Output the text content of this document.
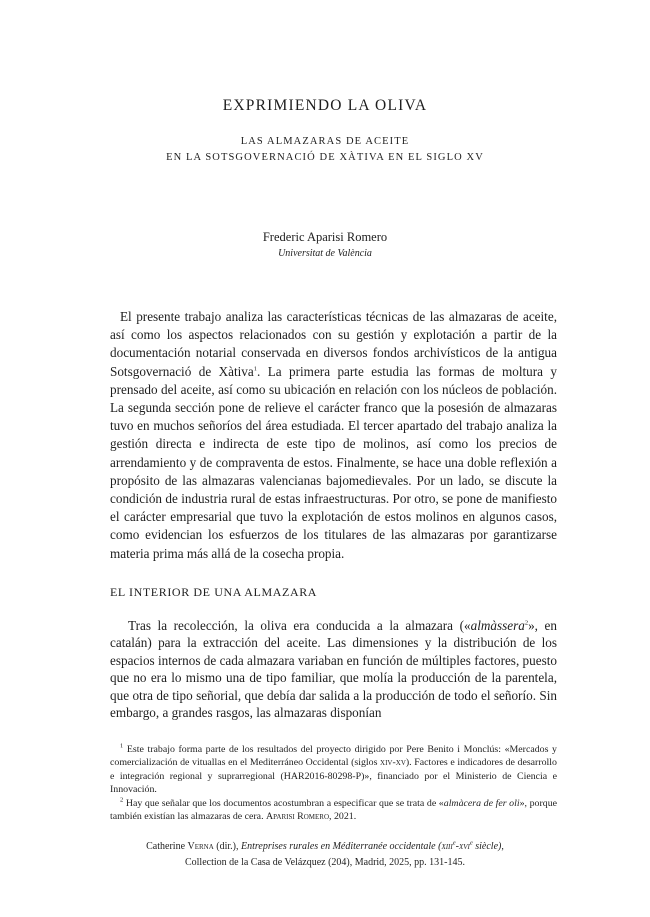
EXPRIMIENDO LA OLIVA
LAS ALMAZARAS DE ACEITE
EN LA SOTSGOVERNACIÓ DE XÀTIVA EN EL SIGLO XV
Frederic Aparisi Romero
Universitat de València

El presente trabajo analiza las características técnicas de las almazaras de aceite, así como los aspectos relacionados con su gestión y explotación a partir de la documentación notarial conservada en diversos fondos archivísticos de la antigua Sotsgovernació de Xàtiva$^1$. La primera parte estudia las formas de moltura y prensado del aceite, así como su ubicación en relación con los núcleos de población. La segunda sección pone de relieve el carácter franco que la posesión de almazaras tuvo en muchos señoríos del área estudiada. El tercer apartado del trabajo analiza la gestión directa e indirecta de este tipo de molinos, así como los precios de arrendamiento y de compraventa de estos. Finalmente, se hace una doble reflexión a propósito de las almazaras valencianas bajomedievales. Por un lado, se discute la condición de industria rural de estas infraestructuras. Por otro, se pone de manifiesto el carácter empresarial que tuvo la explotación de estos molinos en algunos casos, como evidencian los esfuerzos de los titulares de las almazaras por garantizarse materia prima más allá de la cosecha propia.

EL INTERIOR DE UNA ALMAZARA

Tras la recolección, la oliva era conducida a la almazara («almàssera$^2$», en catalán) para la extracción del aceite. Las dimensiones y la distribución de los espacios internos de cada almazara variaban en función de múltiples factores, puesto que no era lo mismo una de tipo familiar, que molía la producción de la parentela, que otra de tipo señorial, que debía dar salida a la producción de todo el señorío. Sin embargo, a grandes rasgos, las almazaras disponían

$^1$ Este trabajo forma parte de los resultados del proyecto dirigido por Pere Benito i Monclús: «Mercados y comercialización de vituallas en el Mediterráneo Occidental (siglos xiv-xv). Factores e indicadores de desarrollo e integración regional y suprarregional (HAR2016-80298-P)», financiado por el Ministerio de Ciencia e Innovación.

$^2$ Hay que señalar que los documentos acostumbran a especificar que se trata de «almàcera de fer oli», porque también existían las almazaras de cera. Aparisi Romero, 2021.

Catherine Verna (dir.), Entreprises rurales en Méditerranée occidentale (xiii$^e$-xvi$^e$ siècle),

Collection de la Casa de Velázquez (204), Madrid, 2025, pp. 131-145.
